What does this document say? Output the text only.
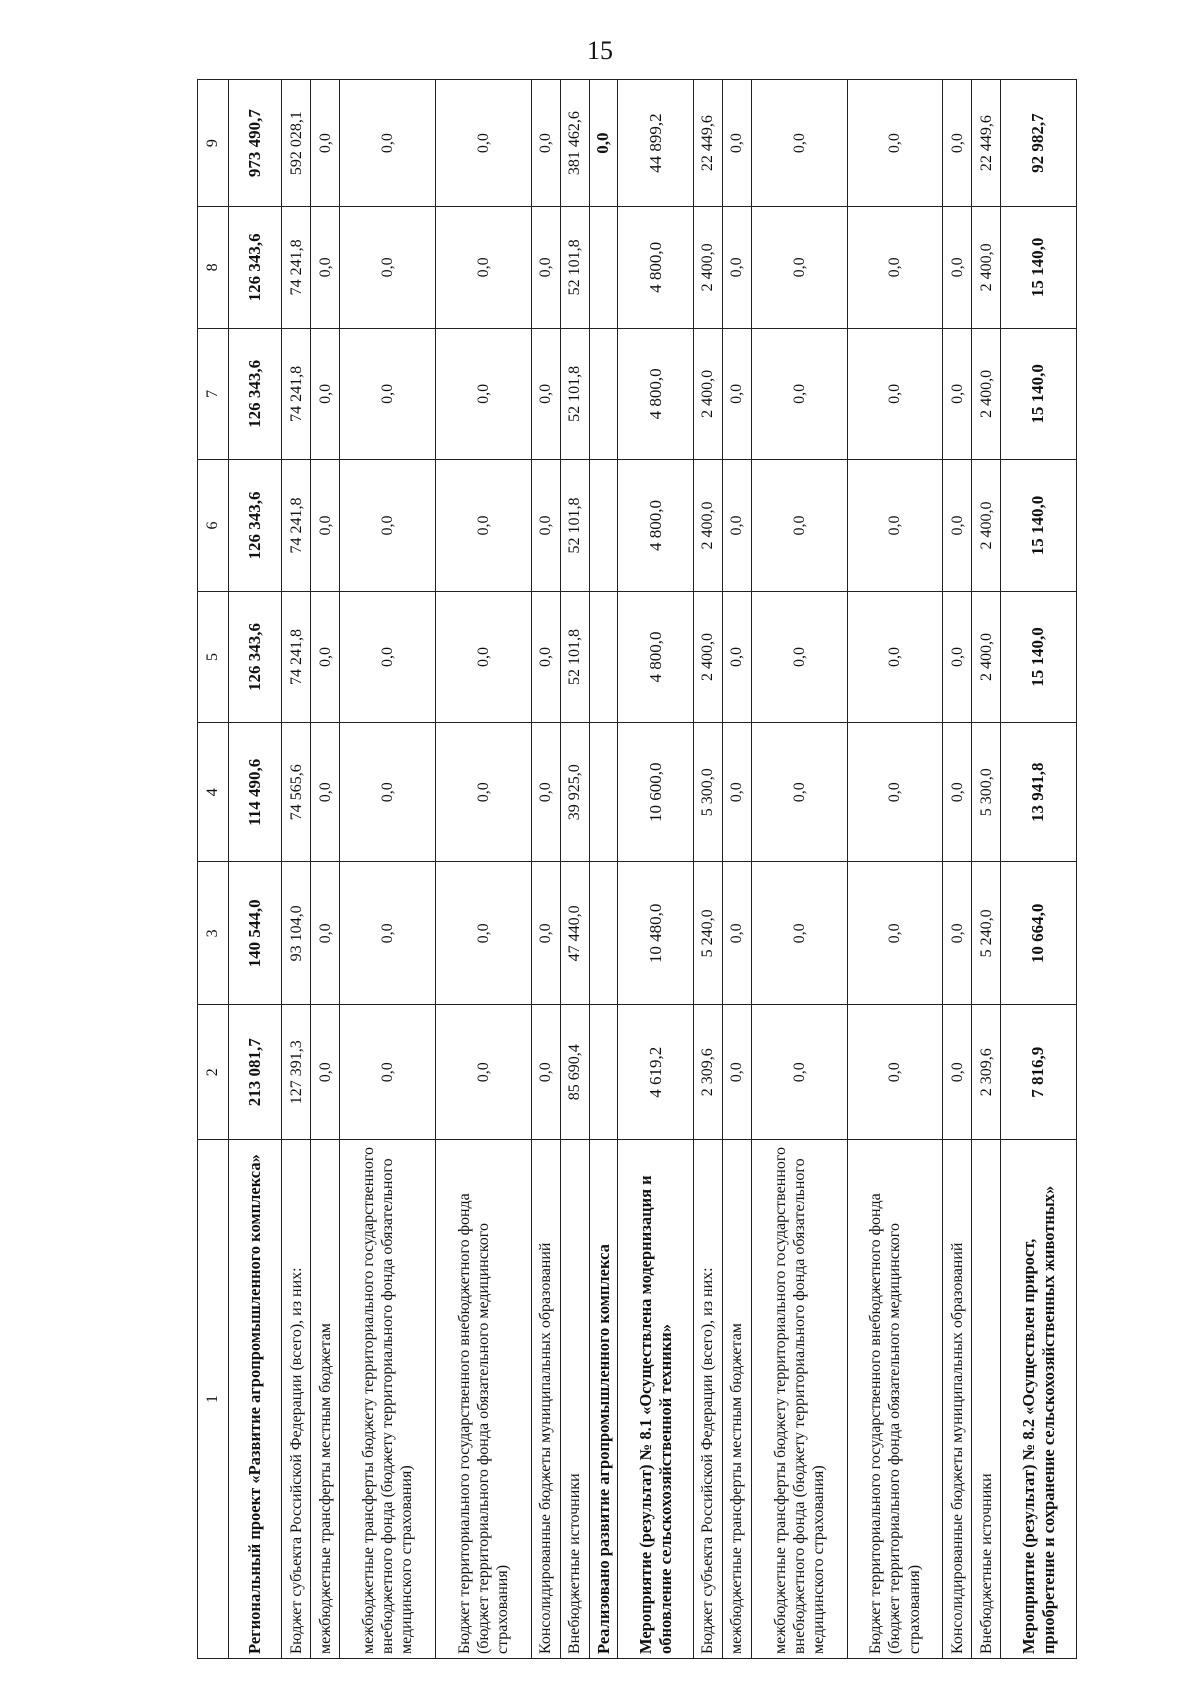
15
1	2	3	4	5	6	7	8	9
Региональный проект «Развитие агропромышленного комплекса»	213 081,7	140 544,0	114 490,6	126 343,6	126 343,6	126 343,6	126 343,6	973 490,7
Бюджет субъекта Российской Федерации (всего), из них:	127 391,3	93 104,0	74 565,6	74 241,8	74 241,8	74 241,8	74 241,8	592 028,1
межбюджетные трансферты местным бюджетам	0,0	0,0	0,0	0,0	0,0	0,0	0,0	0,0
межбюджетные трансферты бюджету территориального государственного внебюджетного фонда (бюджету территориального фонда обязательного медицинского страхования)	0,0	0,0	0,0	0,0	0,0	0,0	0,0	0,0
Бюджет территориального государственного внебюджетного фонда (бюджет территориального фонда обязательного медицинского страхования)	0,0	0,0	0,0	0,0	0,0	0,0	0,0	0,0
Консолидированные бюджеты муниципальных образований	0,0	0,0	0,0	0,0	0,0	0,0	0,0	0,0
Внебюджетные источники	85 690,4	47 440,0	39 925,0	52 101,8	52 101,8	52 101,8	52 101,8	381 462,6
Реализовано развитие агропромышленного комплекса								0,0
Мероприятие (результат) № 8.1 «Осуществлена модернизация и обновление сельскохозяйственной техники»	4 619,2	10 480,0	10 600,0	4 800,0	4 800,0	4 800,0	4 800,0	44 899,2
Бюджет субъекта Российской Федерации (всего), из них:	2 309,6	5 240,0	5 300,0	2 400,0	2 400,0	2 400,0	2 400,0	22 449,6
межбюджетные трансферты местным бюджетам	0,0	0,0	0,0	0,0	0,0	0,0	0,0	0,0
межбюджетные трансферты бюджету территориального государственного внебюджетного фонда (бюджету территориального фонда обязательного медицинского страхования)	0,0	0,0	0,0	0,0	0,0	0,0	0,0	0,0
Бюджет территориального государственного внебюджетного фонда (бюджет территориального фонда обязательного медицинского страхования)	0,0	0,0	0,0	0,0	0,0	0,0	0,0	0,0
Консолидированные бюджеты муниципальных образований	0,0	0,0	0,0	0,0	0,0	0,0	0,0	0,0
Внебюджетные источники	2 309,6	5 240,0	5 300,0	2 400,0	2 400,0	2 400,0	2 400,0	22 449,6
Мероприятие (результат) № 8.2 «Осуществлен прирост, приобретение и сохранение сельскохозяйственных животных»	7 816,9	10 664,0	13 941,8	15 140,0	15 140,0	15 140,0	15 140,0	92 982,7
